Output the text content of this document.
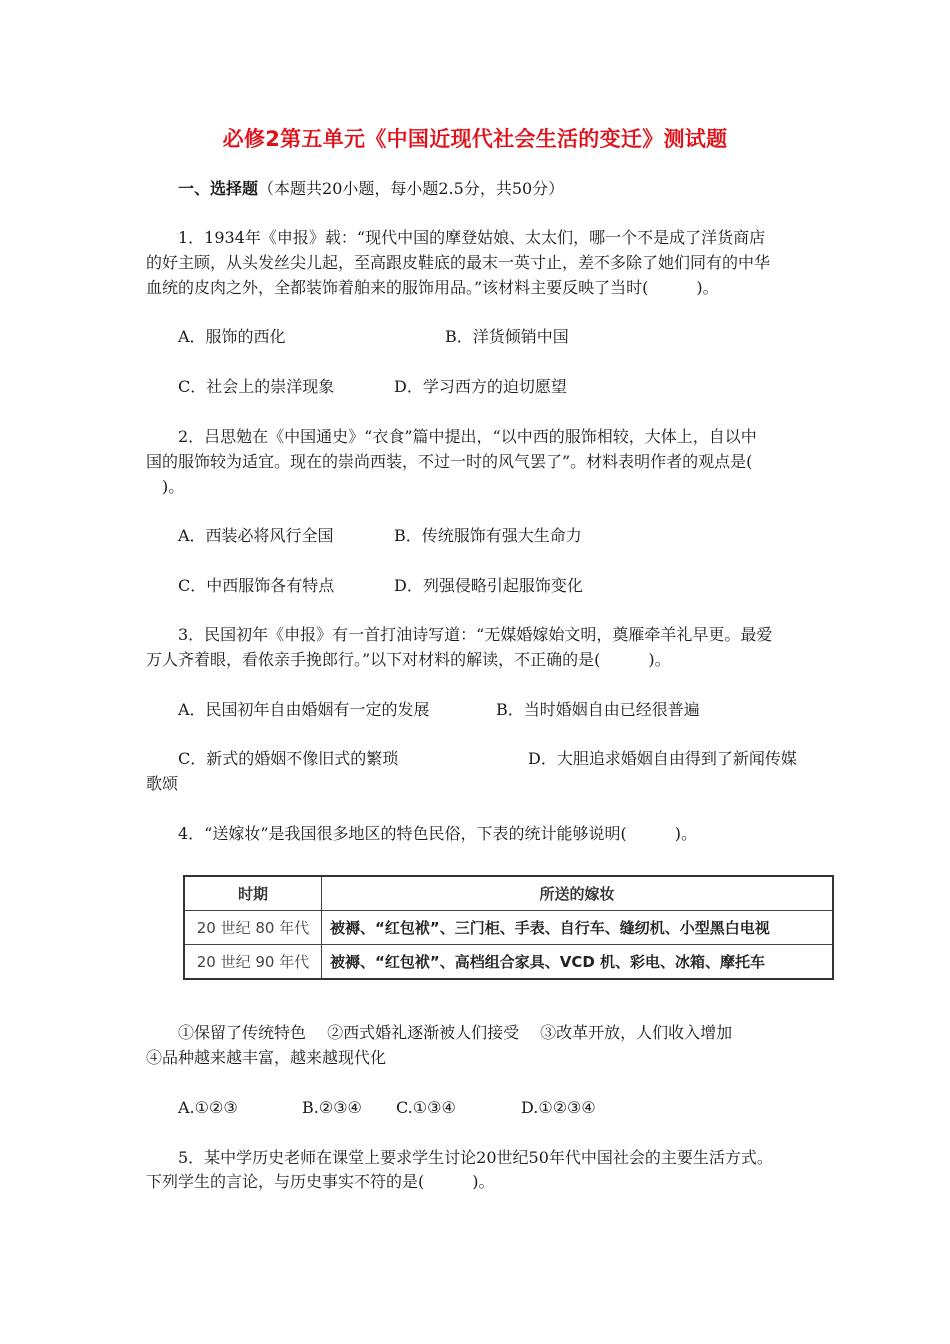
必修2第五单元《中国近现代社会生活的变迁》测试题
一、选择题（本题共20小题，每小题2.5分，共50分）
1．1934年《申报》载：“现代中国的摩登姑娘、太太们，哪一个不是成了洋货商店
的好主顾，从头发丝尖儿起，至高跟皮鞋底的最末一英寸止，差不多除了她们同有的中华
血统的皮肉之外，全都装饰着舶来的服饰用品。”该材料主要反映了当时(　　　)。
A．服饰的西化	B．洋货倾销中国
C．社会上的崇洋现象	D．学习西方的迫切愿望
2．吕思勉在《中国通史》“衣食”篇中提出，“以中西的服饰相较，大体上，自以中
国的服饰较为适宜。现在的崇尚西装，不过一时的风气罢了”。材料表明作者的观点是(
　)。
A．西装必将风行全国	B．传统服饰有强大生命力
C．中西服饰各有特点	D．列强侵略引起服饰变化
3．民国初年《申报》有一首打油诗写道：“无媒婚嫁始文明，奠雁牵羊礼早更。最爱
万人齐着眼，看侬亲手挽郎行。”以下对材料的解读，不正确的是(　　　)。
A．民国初年自由婚姻有一定的发展	B．当时婚姻自由已经很普遍
C．新式的婚姻不像旧式的繁琐	D．大胆追求婚姻自由得到了新闻传媒
歌颂
4．“送嫁妆”是我国很多地区的特色民俗，下表的统计能够说明(　　　)。
时期	所送的嫁妆
20 世纪 80 年代	被褥、“红包袱”、三门柜、手表、自行车、缝纫机、小型黑白电视
20 世纪 90 年代	被褥、“红包袱”、高档组合家具、VCD 机、彩电、冰箱、摩托车
①保留了传统特色　 ②西式婚礼逐渐被人们接受　 ③改革开放，人们收入增加
④品种越来越丰富，越来越现代化
A.①②③	B.②③④ C.①③④	D.①②③④
5．某中学历史老师在课堂上要求学生讨论20世纪50年代中国社会的主要生活方式。
下列学生的言论，与历史事实不符的是(　　　)。
